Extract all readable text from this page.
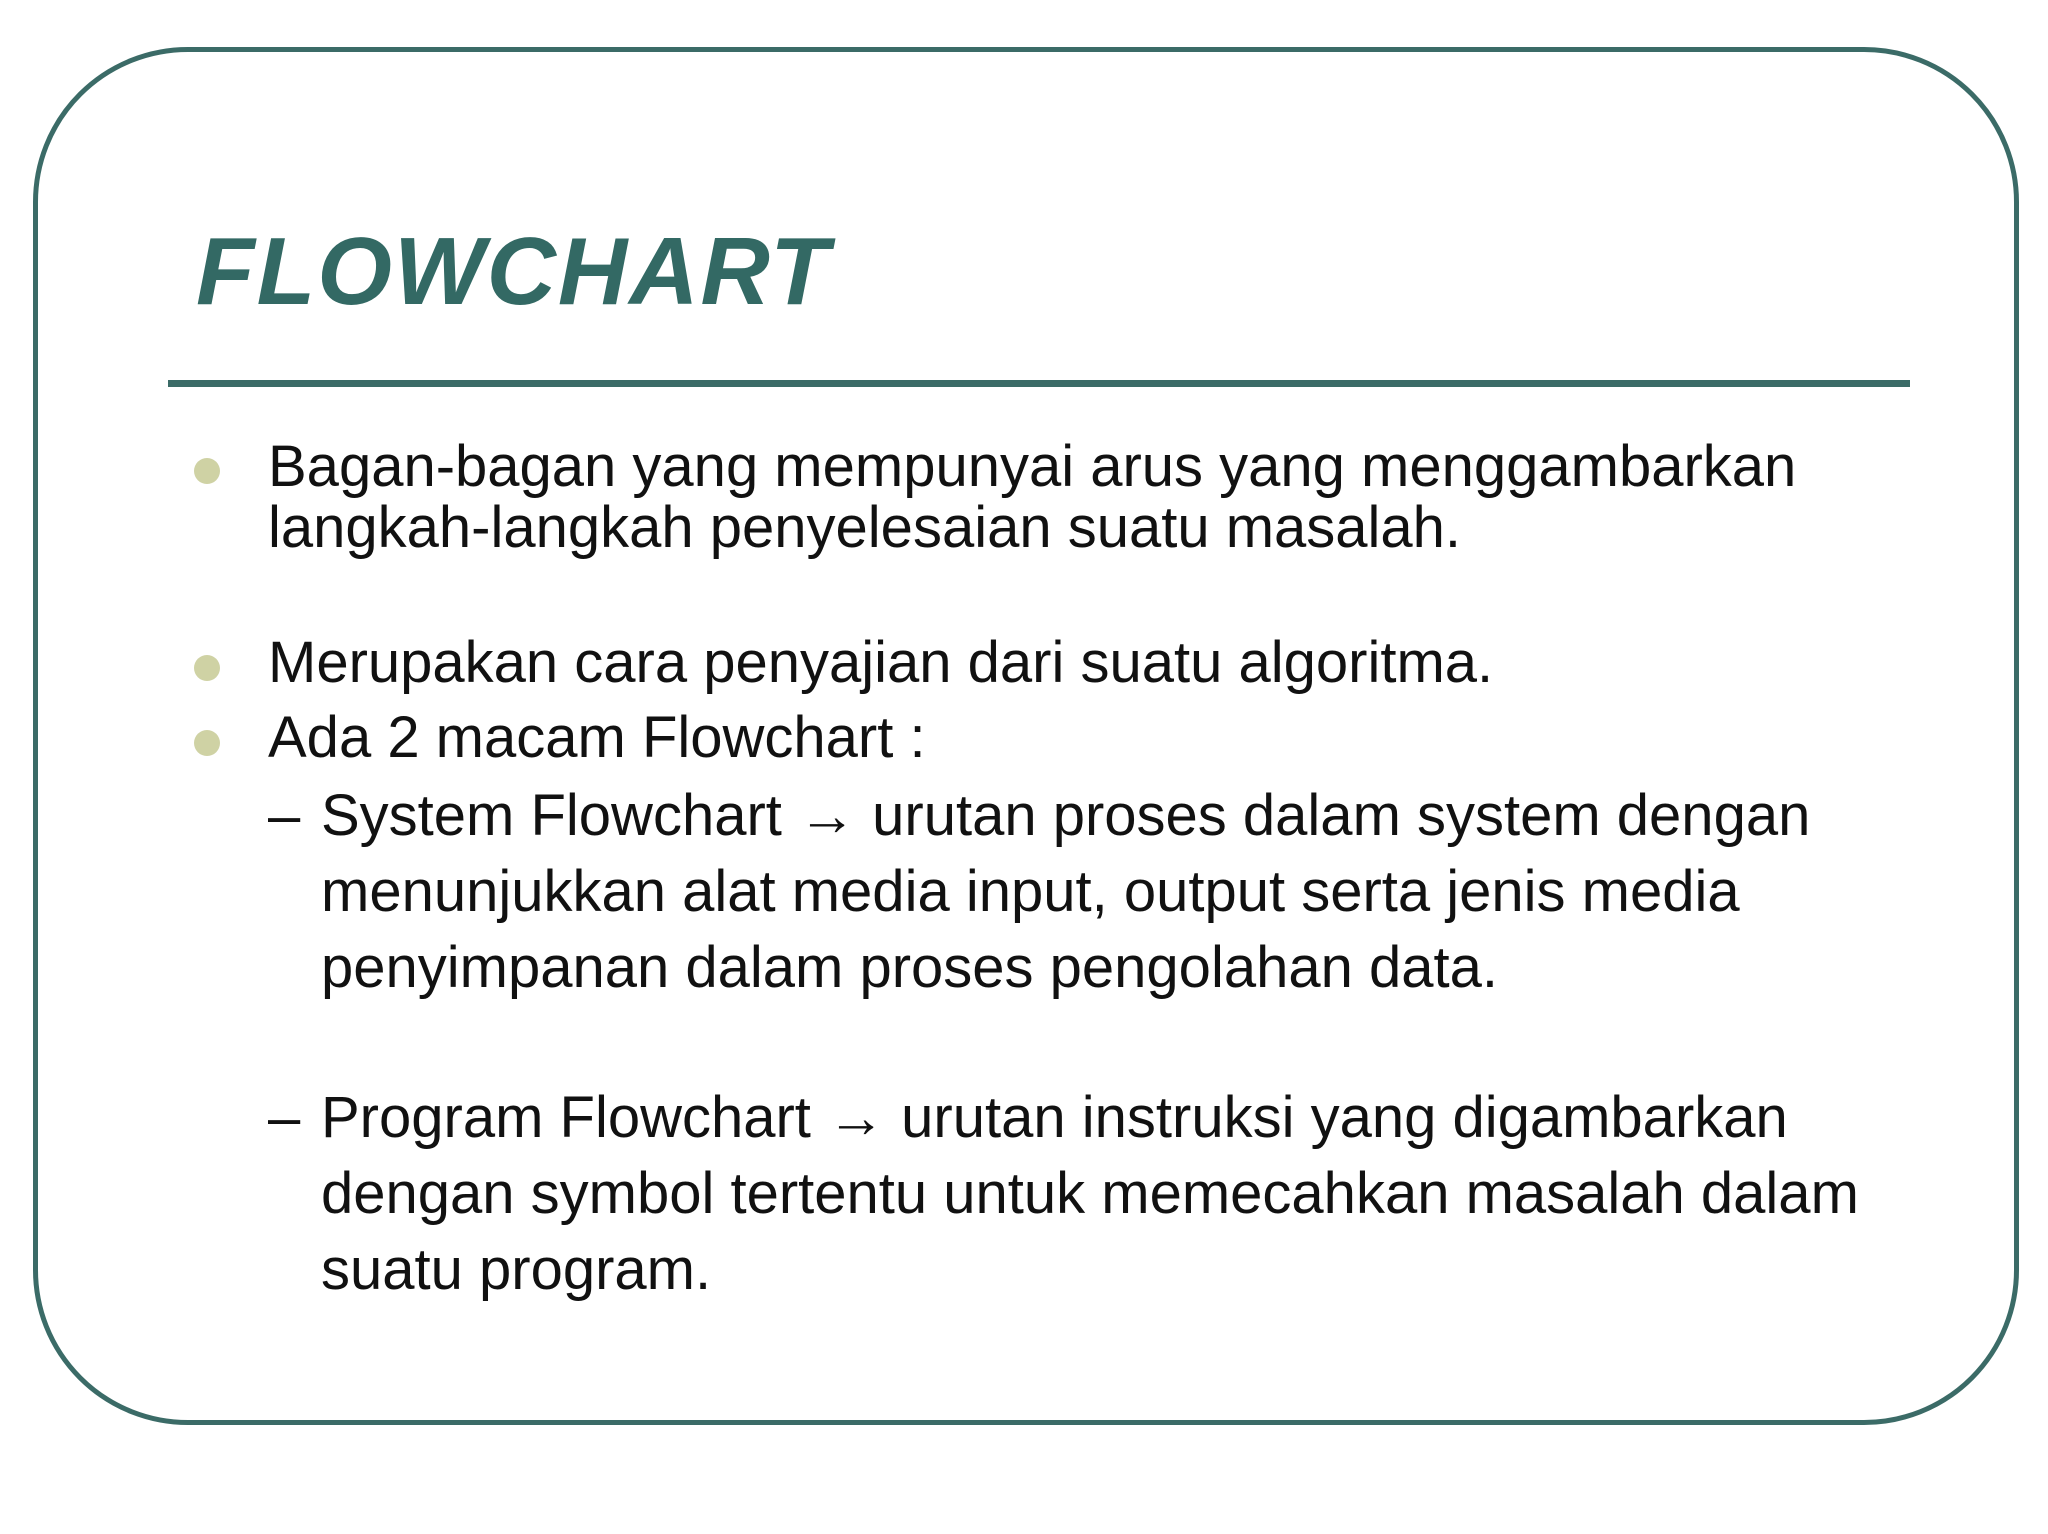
FLOWCHART
Bagan-bagan yang mempunyai arus yang menggambarkan langkah-langkah penyelesaian suatu masalah.
Merupakan cara penyajian dari suatu algoritma.
Ada 2 macam Flowchart :
– System Flowchart → urutan proses dalam system dengan menunjukkan alat media input, output serta jenis media penyimpanan dalam proses pengolahan data.
– Program Flowchart → urutan instruksi yang digambarkan dengan symbol tertentu untuk memecahkan masalah dalam suatu program.
